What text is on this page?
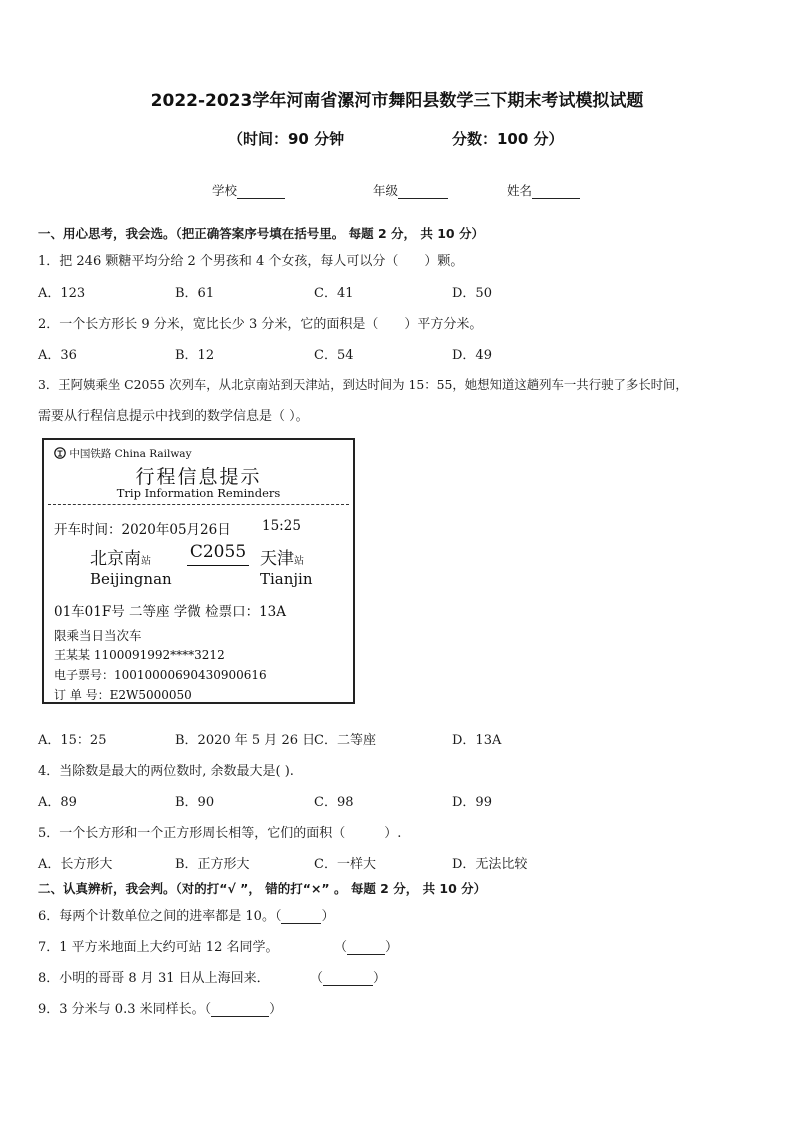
2022-2023学年河南省漯河市舞阳县数学三下期末考试模拟试题
（时间：90 分钟	分数：100 分）
学校	年级	姓名
一、用心思考，我会选。（把正确答案序号填在括号里。 每题 2 分， 共 10 分）
1．把 246 颗糖平均分给 2 个男孩和 4 个女孩，每人可以分（　　）颗。
A．123	B．61	C．41	D．50
2．一个长方形长 9 分米，宽比长少 3 分米，它的面积是（　　）平方分米。
A．36	B．12	C．54	D．49
3．王阿姨乘坐 C2055 次列车，从北京南站到天津站，到达时间为 15：55，她想知道这趟列车一共行驶了多长时间，
需要从行程信息提示中找到的数学信息是（ ）。
中国铁路 China Railway
行程信息提示
Trip Information Reminders
开车时间：2020年05月26日 15:25
北京南站 C2055 天津站
Beijingnan	Tianjin
01车01F号 二等座 学微 检票口：13A
限乘当日当次车
王某某 1100091992****3212
电子票号：10010000690430900616
订 单 号：E2W5000050
A．15：25	B．2020 年 5 月 26 日
C．二等座	D．13A
4．当除数是最大的两位数时, 余数最大是( ).
A．89	B．90	C．98	D．99
5．一个长方形和一个正方形周长相等，它们的面积（　　　）.
A．长方形大	B．正方形大	C．一样大	D．无法比较
二、认真辨析，我会判。（对的打“√ ”， 错的打“×” 。 每题 2 分， 共 10 分）
6．每两个计数单位之间的进率都是 10。（	）
7．1 平方米地面上大约可站 12 名同学。	（	）
8．小明的哥哥 8 月 31 日从上海回来．	（	）
9．3 分米与 0.3 米同样长。（	）
